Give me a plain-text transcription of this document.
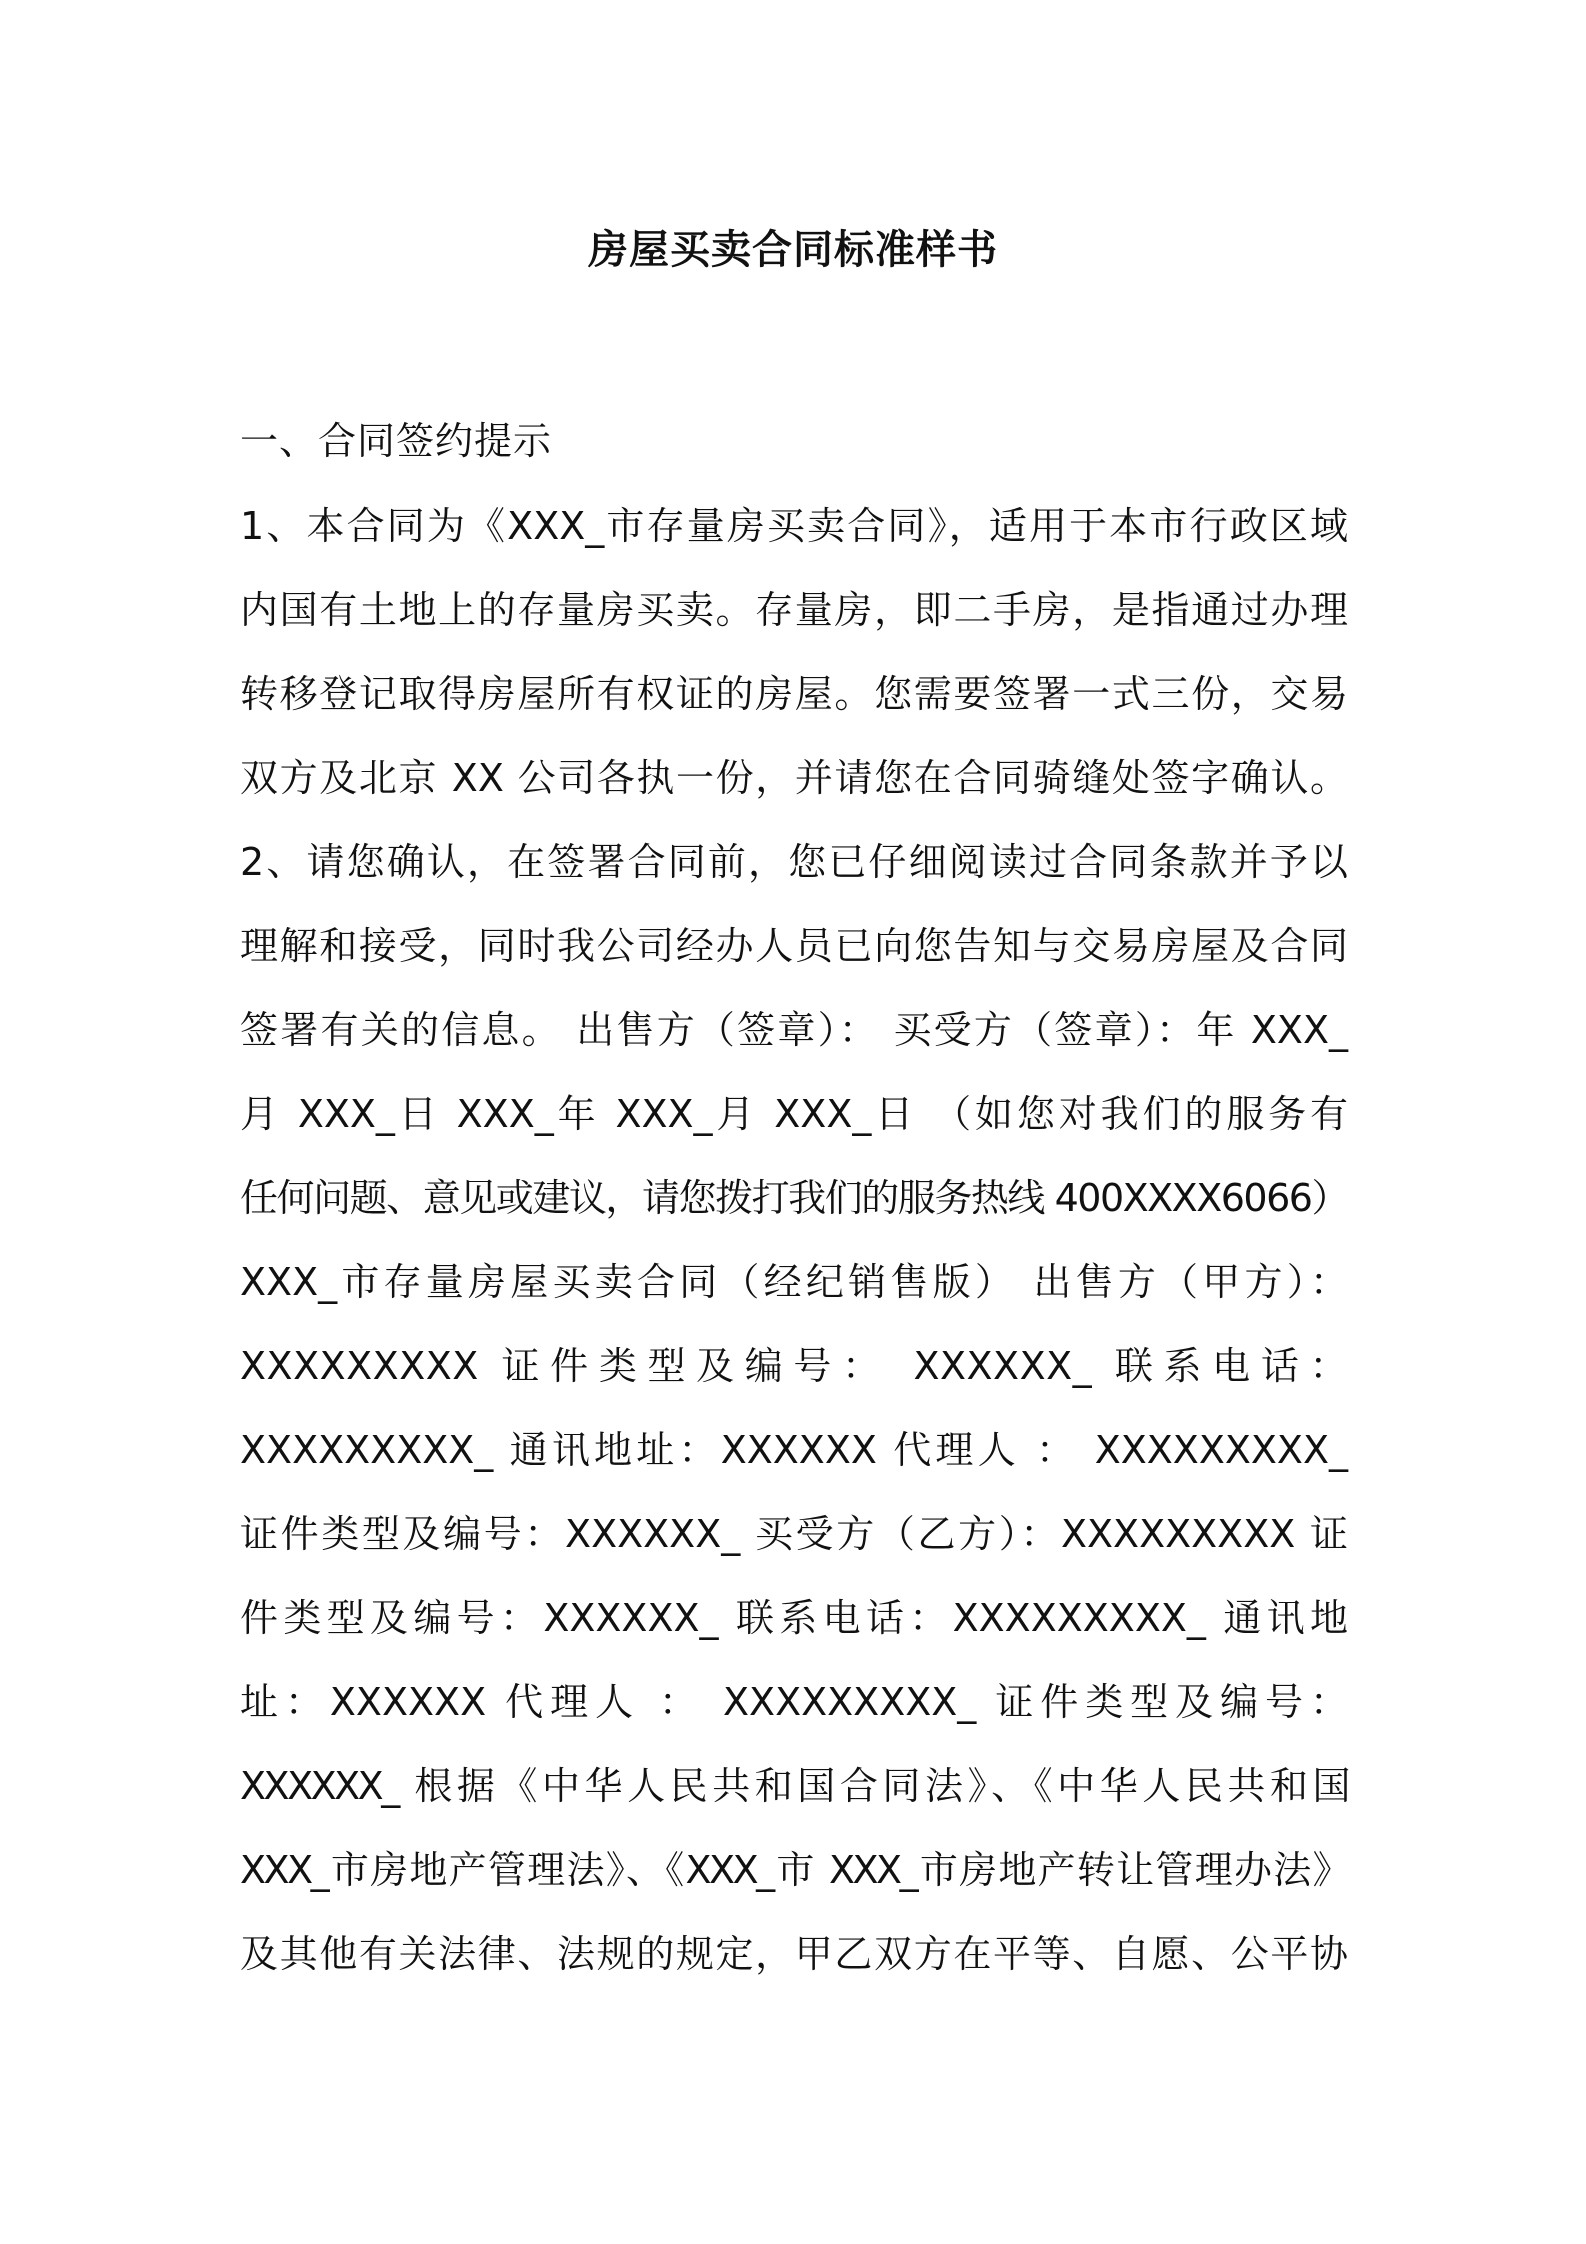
房屋买卖合同标准样书
一、合同签约提示
1、本合同为《XXX_市存量房买卖合同》，适用于本市行政区域
内国有土地上的存量房买卖。存量房，即二手房，是指通过办理
转移登记取得房屋所有权证的房屋。您需要签署一式三份，交易
双方及北京 XX 公司各执一份，并请您在合同骑缝处签字确认。
2、请您确认，在签署合同前，您已仔细阅读过合同条款并予以
理解和接受，同时我公司经办人员已向您告知与交易房屋及合同
签署有关的信息。 出售方（签章）： 买受方（签章）：年 XXX_
月 XXX_日 XXX_年 XXX_月 XXX_日 （如您对我们的服务有
任何问题、意见或建议，请您拨打我们的服务热线 400XXXX6066）
XXX_市存量房屋买卖合同（经纪销售版） 出售方（甲方）：
XXXXXXXXX 证件类型及编号： XXXXXX_ 联系电话：
XXXXXXXXX_ 通讯地址：XXXXXX 代理人 ： XXXXXXXXX_
证件类型及编号：XXXXXX_ 买受方（乙方）：XXXXXXXXX 证
件类型及编号：XXXXXX_ 联系电话：XXXXXXXXX_ 通讯地
址：XXXXXX 代理人 ： XXXXXXXXX_ 证件类型及编号：
XXXXXX_ 根据《中华人民共和国合同法》、《中华人民共和国
XXX_市房地产管理法》、《XXX_市 XXX_市房地产转让管理办法》
及其他有关法律、法规的规定，甲乙双方在平等、自愿、公平协
